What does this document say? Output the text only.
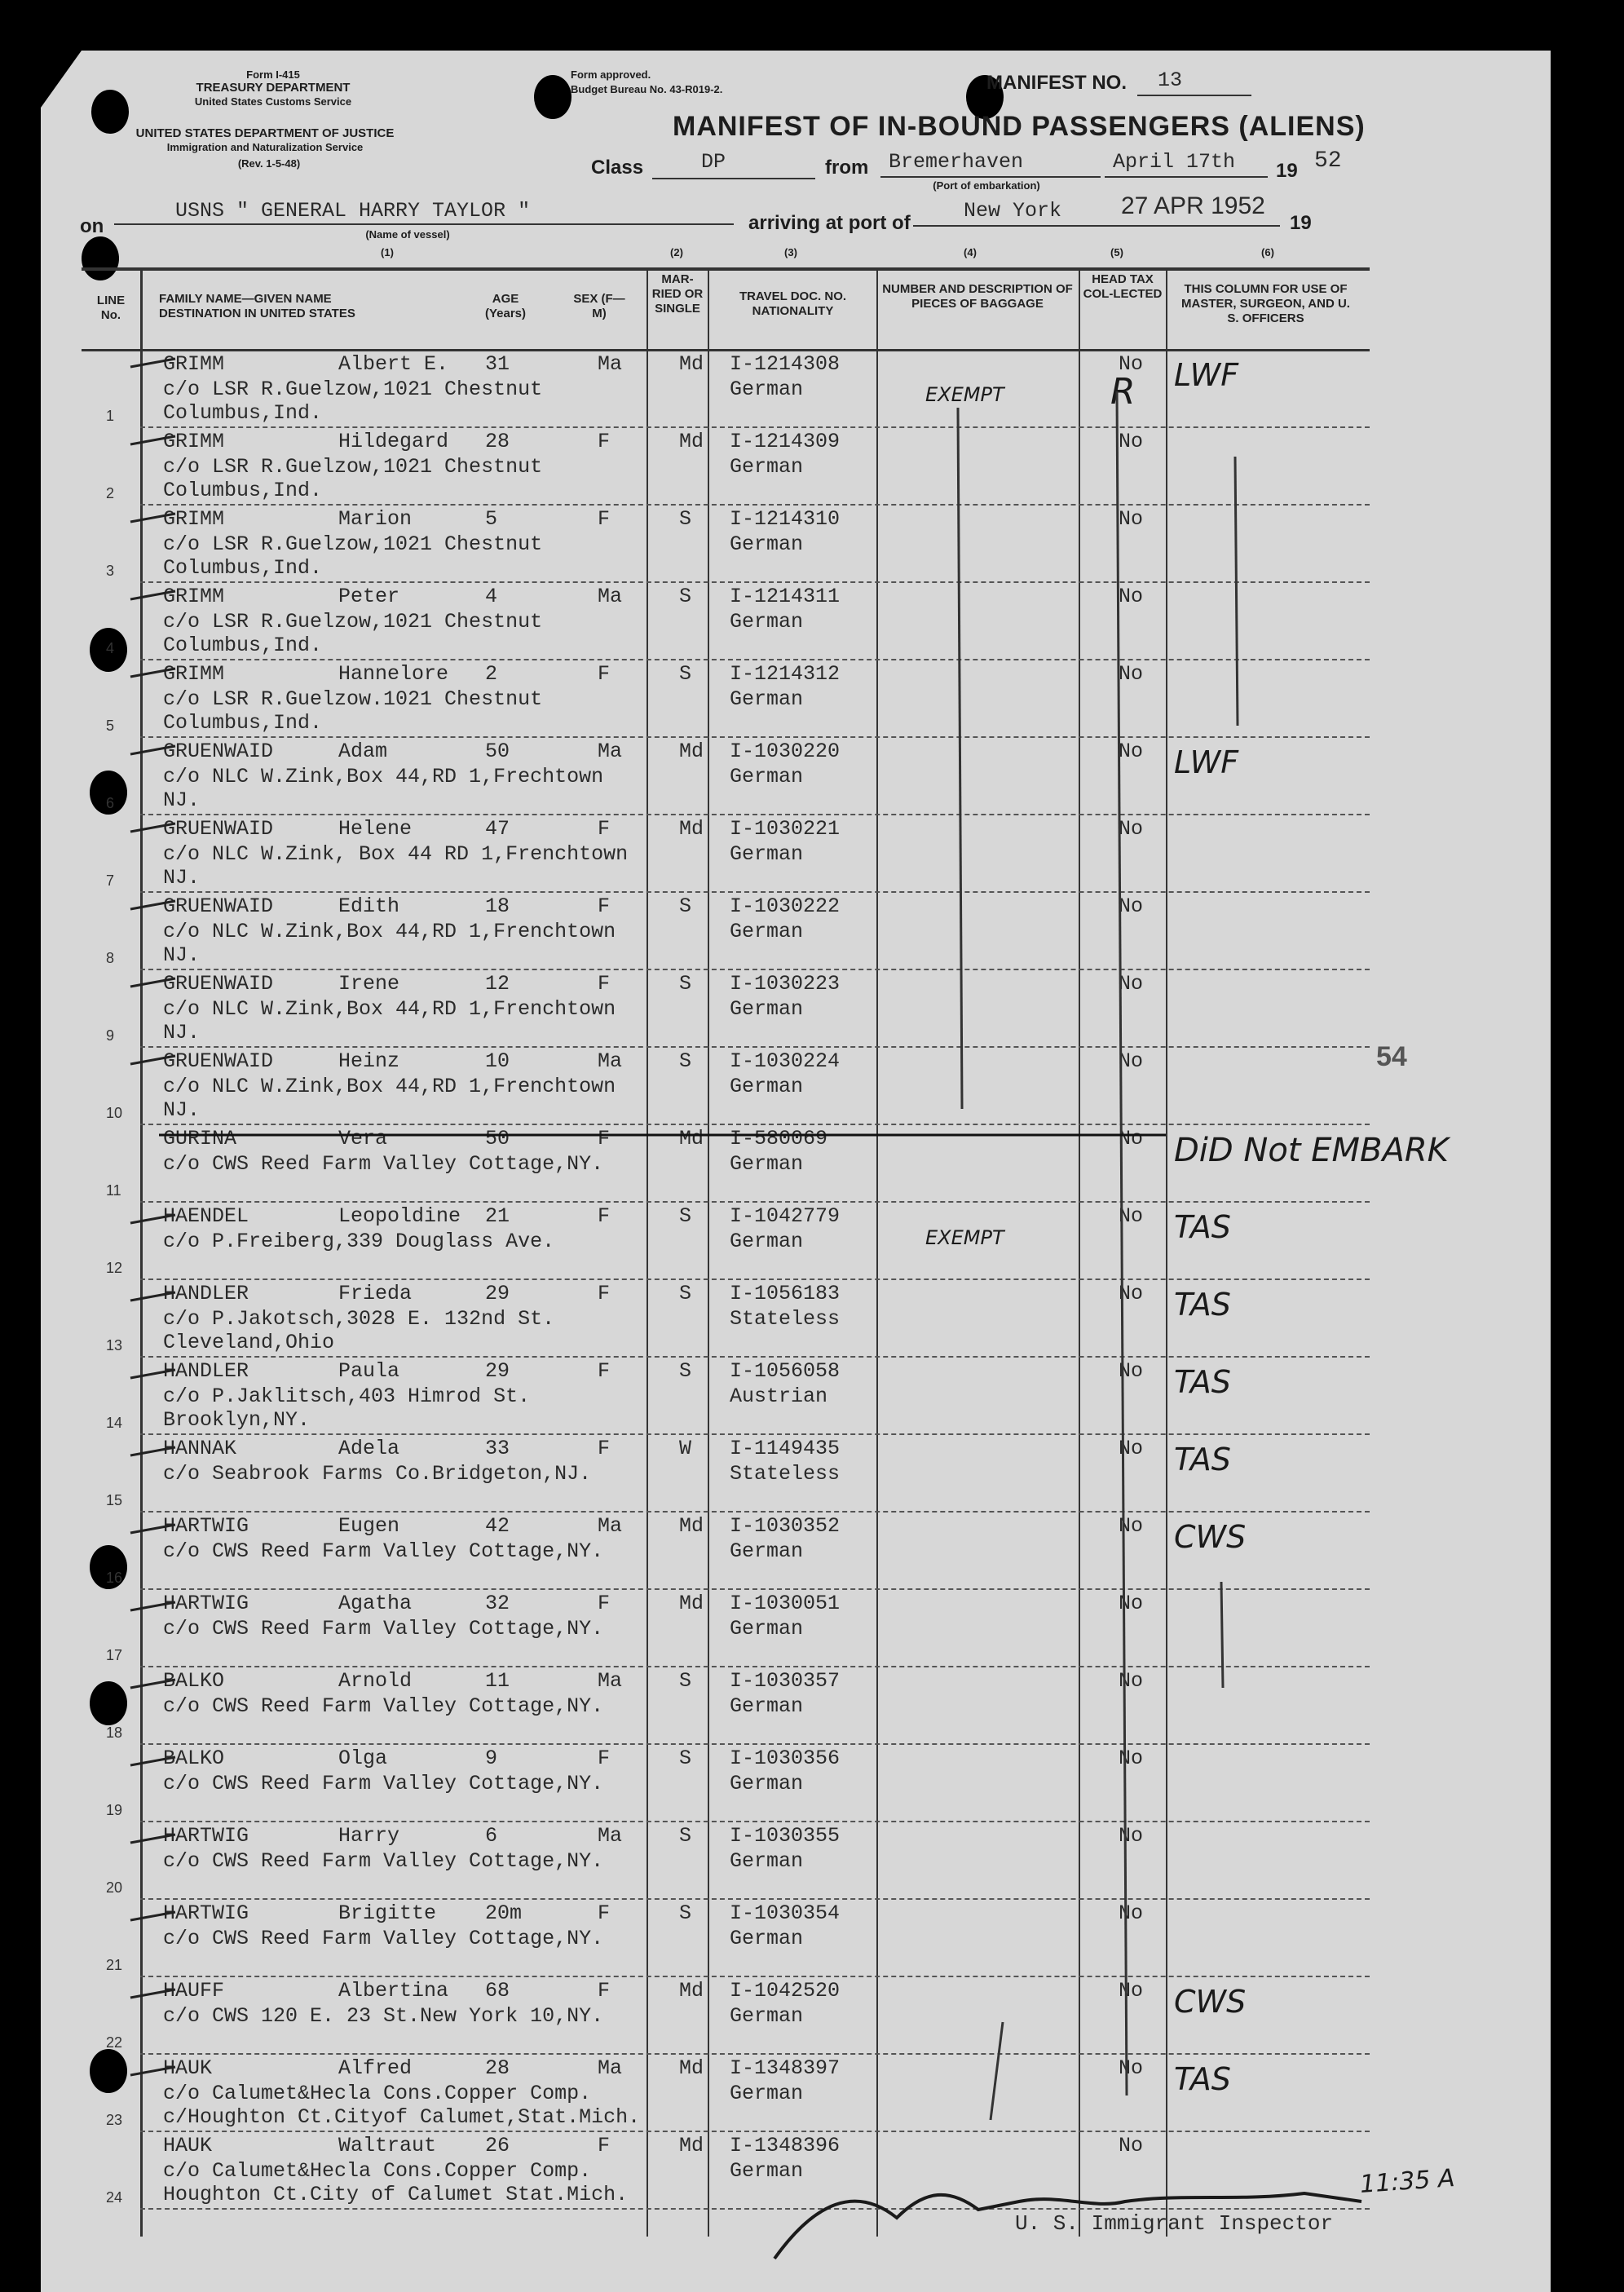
Form I-415
TREASURY DEPARTMENT
United States Customs Service
UNITED STATES DEPARTMENT OF JUSTICE
Immigration and Naturalization Service
(Rev. 1-5-48)
Form approved.
Budget Bureau No. 43-R019-2.	MANIFEST NO. 13
MANIFEST OF IN-BOUND PASSENGERS (ALIENS)
Class	DP	from Bremerhaven
(Port of embarkation)
April 17th 19 52
on
USNS " GENERAL HARRY TAYLOR "
(Name of vessel)
arriving at port of
New York 27 APR 1952
19
(1)	(2)	(3)	(4)	(5)	(6)
LINE No.
FAMILY NAME—GIVEN NAME
DESTINATION IN UNITED STATES
AGE (Years)
SEX (F—M)
MAR-RIED OR SINGLE
TRAVEL DOC. NO. NATIONALITY
NUMBER AND DESCRIPTION OF PIECES OF BAGGAGE
HEAD TAX COL-LECTED	THIS COLUMN FOR USE OF MASTER, SURGEON, AND U. S. OFFICERS
1
GRIMM	Albert E. 31	Ma	Md I-1214308
c/o LSR R.Guelzow,1021 Chestnut	German
Columbus,Ind.
No LWF
2
GRIMM	Hildegard 28	F	Md I-1214309
c/o LSR R.Guelzow,1021 Chestnut	German
Columbus,Ind.
No
3
GRIMM	Marion	5	F	S I-1214310
c/o LSR R.Guelzow,1021 Chestnut	German
Columbus,Ind.
No
4
GRIMM	Peter	4	Ma	S I-1214311
c/o LSR R.Guelzow,1021 Chestnut	German
Columbus,Ind.
No
5
GRIMM	Hannelore 2	F	S I-1214312
c/o LSR R.Guelzow.1021 Chestnut	German
Columbus,Ind.
No
6
GRUENWAID	Adam	50	Ma	Md I-1030220
c/o NLC W.Zink,Box 44,RD 1,Frechtown	German
NJ.
No LWF
7
GRUENWAID	Helene	47	F	Md I-1030221
c/o NLC W.Zink, Box 44 RD 1,Frenchtown	German
NJ.
No
8
GRUENWAID	Edith	18	F	S I-1030222
c/o NLC W.Zink,Box 44,RD 1,Frenchtown	German
NJ.
No
9
GRUENWAID	Irene	12	F	S I-1030223
c/o NLC W.Zink,Box 44,RD 1,Frenchtown	German
NJ.
No
10
GRUENWAID	Heinz	10	Ma	S I-1030224
c/o NLC W.Zink,Box 44,RD 1,Frenchtown	German
NJ.
No
11
GURINA	Vera	50	F	Md I-580069
c/o CWS Reed Farm Valley Cottage,NY.	German
No DiD Not EMBARK
12
HAENDEL	Leopoldine 21	F	S I-1042779
c/o P.Freiberg,339 Douglass Ave.	German
No TAS
13
HANDLER	Frieda	29	F	S I-1056183
c/o P.Jakotsch,3028 E. 132nd St.	Stateless
Cleveland,Ohio
No TAS
14
HANDLER	Paula	29	F	S I-1056058
c/o P.Jaklitsch,403 Himrod St.	Austrian
Brooklyn,NY.
No TAS
15
HANNAK	Adela	33	F	W I-1149435
c/o Seabrook Farms Co.Bridgeton,NJ.	Stateless
No TAS
16
HARTWIG	Eugen	42	Ma	Md I-1030352
c/o CWS Reed Farm Valley Cottage,NY.	German
No CWS
17
HARTWIG	Agatha	32	F	Md I-1030051
c/o CWS Reed Farm Valley Cottage,NY.	German
No
18
BALKO	Arnold	11	Ma	S I-1030357
c/o CWS Reed Farm Valley Cottage,NY.	German
No
19
BALKO	Olga	9	F	S I-1030356
c/o CWS Reed Farm Valley Cottage,NY.	German
No
20
HARTWIG	Harry	6	Ma	S I-1030355
c/o CWS Reed Farm Valley Cottage,NY.	German
No
21
HARTWIG	Brigitte 20m	F	S I-1030354
c/o CWS Reed Farm Valley Cottage,NY.	German
No
22
HAUFF	Albertina 68	F	Md I-1042520
c/o CWS 120 E. 23 St.New York 10,NY.	German
No CWS
23
HAUK	Alfred	28	Ma	Md I-1348397
c/o Calumet&Hecla Cons.Copper Comp.	German
c/Houghton Ct.Cityof Calumet,Stat.Mich.
No TAS
24
HAUK	Waltraut 26	F	Md I-1348396
c/o Calumet&Hecla Cons.Copper Comp.	German
Houghton Ct.City of Calumet Stat.Mich.
No
EXEMPT
EXEMPT
R
54
U. S. Immigrant Inspector
11:35 A
